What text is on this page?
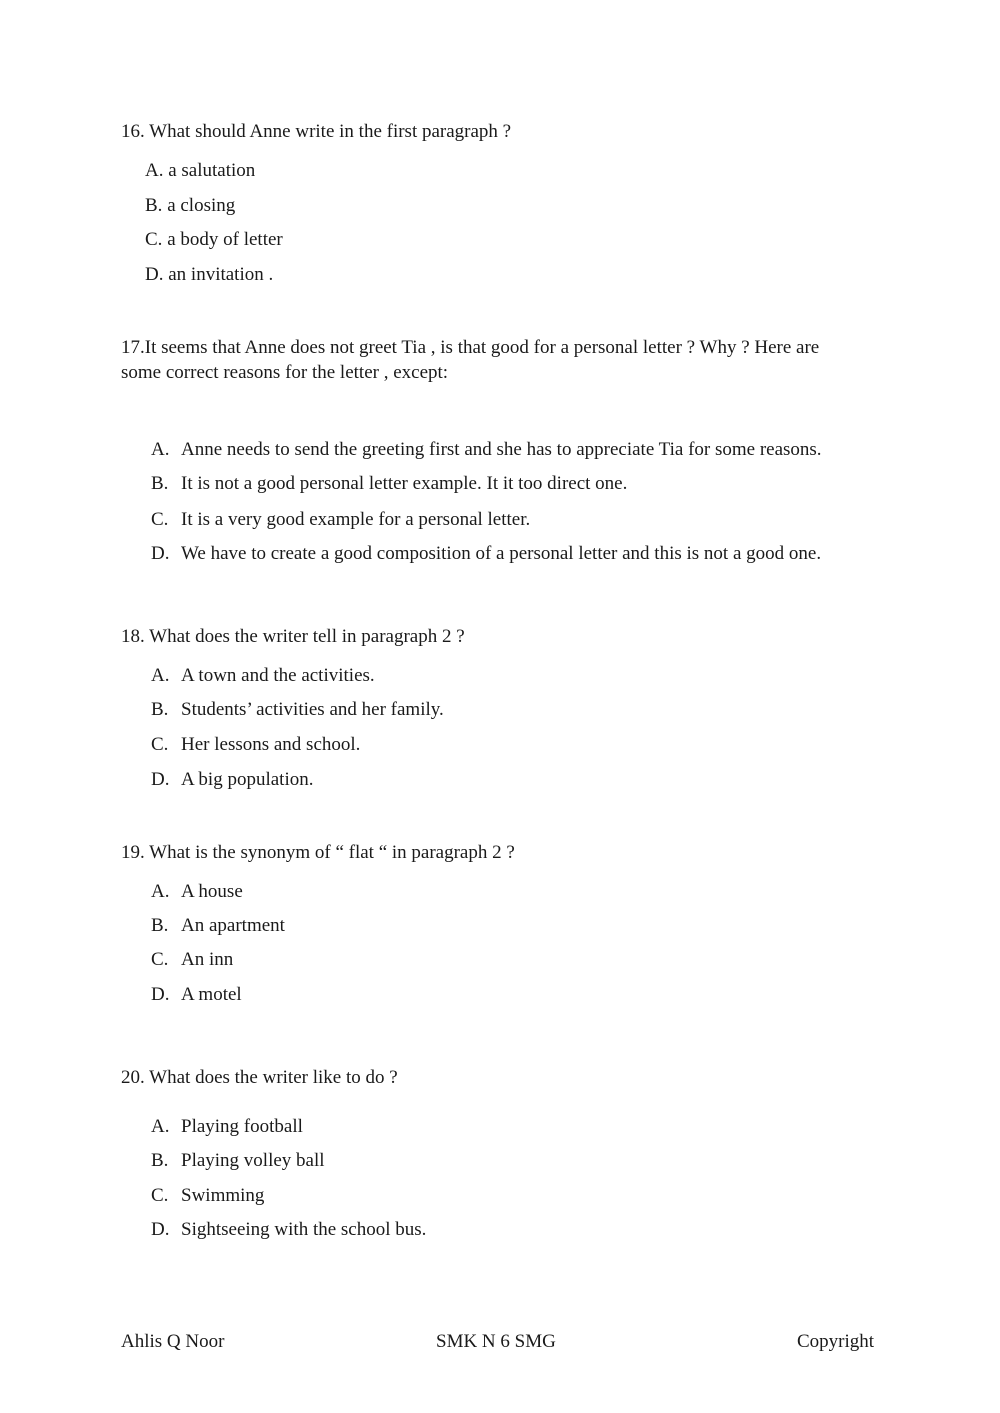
16. What should Anne write in the first paragraph ?
A. a salutation
B. a closing
C. a body of letter
D. an invitation .
17.It seems that Anne does not greet Tia , is that good for a personal letter ? Why ? Here are
some correct reasons for the letter , except:
A. Anne needs to send the greeting first and she has to appreciate Tia for some reasons.
B. It is not a good personal letter example. It it too direct one.
C. It is a very good example for a personal letter.
D. We have to create a good composition of a personal letter and this is not a good one.
18. What does the writer tell in paragraph 2 ?
A. A town and the activities.
B. Students’ activities and her family.
C. Her lessons and school.
D. A big population.
19. What is the synonym of “ flat “ in paragraph 2 ?
A. A house
B. An apartment
C. An inn
D. A motel
20. What does the writer like to do ?
A. Playing football
B. Playing volley ball
C. Swimming
D. Sightseeing with the school bus.
Ahlis Q Noor	SMK N 6 SMG	Copyright
